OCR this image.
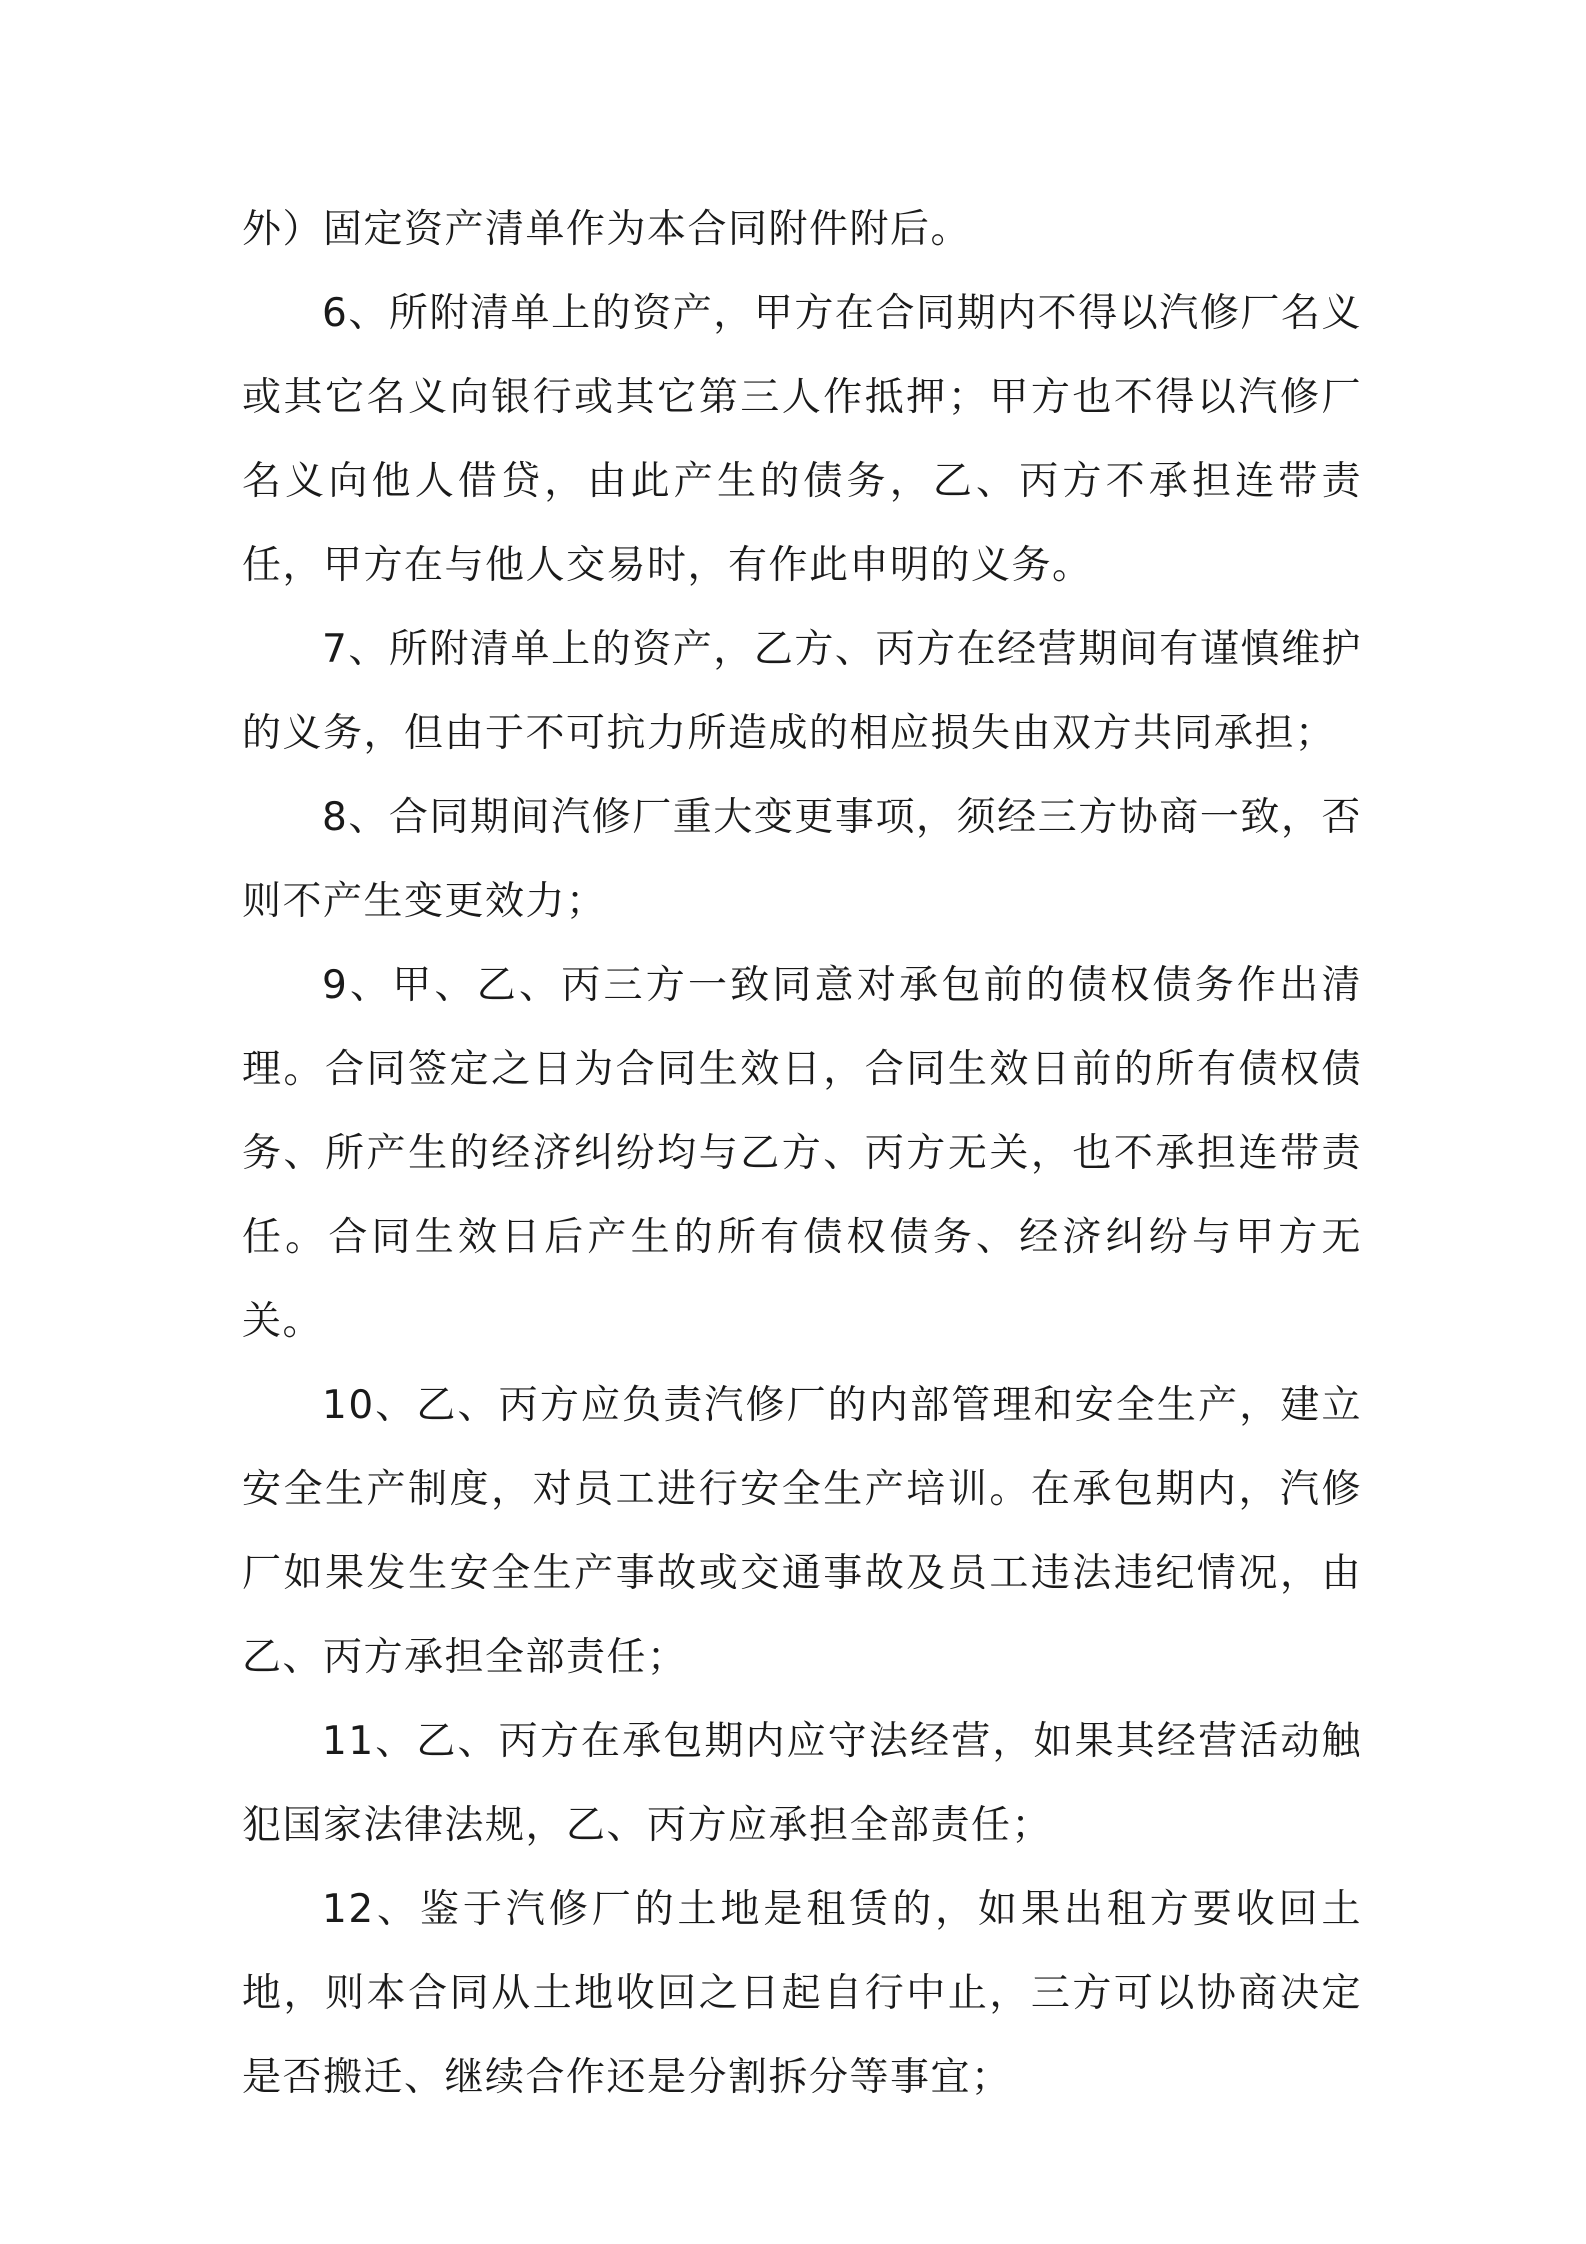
外）固定资产清单作为本合同附件附后。

6、所附清单上的资产，甲方在合同期内不得以汽修厂名义或其它名义向银行或其它第三人作抵押；甲方也不得以汽修厂名义向他人借贷，由此产生的债务，乙、丙方不承担连带责任，甲方在与他人交易时，有作此申明的义务。

7、所附清单上的资产，乙方、丙方在经营期间有谨慎维护的义务，但由于不可抗力所造成的相应损失由双方共同承担；

8、合同期间汽修厂重大变更事项，须经三方协商一致，否则不产生变更效力；

9、甲、乙、丙三方一致同意对承包前的债权债务作出清理。合同签定之日为合同生效日，合同生效日前的所有债权债务、所产生的经济纠纷均与乙方、丙方无关，也不承担连带责任。合同生效日后产生的所有债权债务、经济纠纷与甲方无关。

10、乙、丙方应负责汽修厂的内部管理和安全生产，建立安全生产制度，对员工进行安全生产培训。在承包期内，汽修厂如果发生安全生产事故或交通事故及员工违法违纪情况，由乙、丙方承担全部责任；

11、乙、丙方在承包期内应守法经营，如果其经营活动触犯国家法律法规，乙、丙方应承担全部责任；

12、鉴于汽修厂的土地是租赁的，如果出租方要收回土地，则本合同从土地收回之日起自行中止，三方可以协商决定是否搬迁、继续合作还是分割拆分等事宜；
